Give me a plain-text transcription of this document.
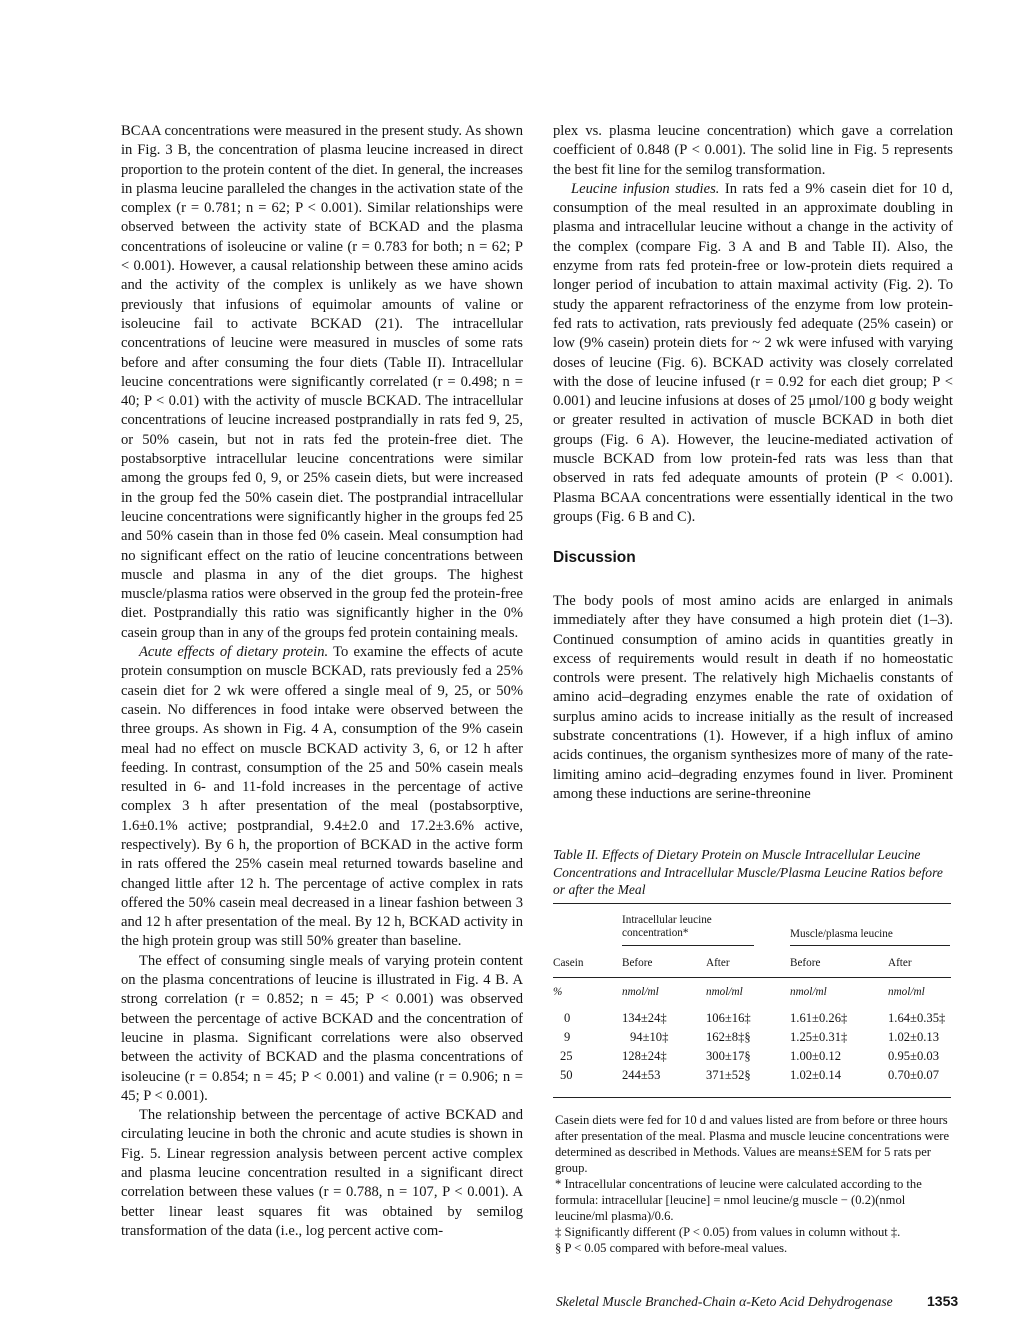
BCAA concentrations were measured in the present study. As shown in Fig. 3 B, the concentration of plasma leucine increased in direct proportion to the protein content of the diet. In general, the increases in plasma leucine paralleled the changes in the activation state of the complex (r = 0.781; n = 62; P < 0.001). Similar relationships were observed between the activity state of BCKAD and the plasma concentrations of isoleucine or valine (r = 0.783 for both; n = 62; P < 0.001). However, a causal relationship between these amino acids and the activity of the complex is unlikely as we have shown previously that infusions of equimolar amounts of valine or isoleucine fail to activate BCKAD (21). The intracellular concentrations of leucine were measured in muscles of some rats before and after consuming the four diets (Table II). Intracellular leucine concentrations were significantly correlated (r = 0.498; n = 40; P < 0.01) with the activity of muscle BCKAD. The intracellular concentrations of leucine increased postprandially in rats fed 9, 25, or 50% casein, but not in rats fed the protein-free diet. The postabsorptive intracellular leucine concentrations were similar among the groups fed 0, 9, or 25% casein diets, but were increased in the group fed the 50% casein diet. The postprandial intracellular leucine concentrations were significantly higher in the groups fed 25 and 50% casein than in those fed 0% casein. Meal consumption had no significant effect on the ratio of leucine concentrations between muscle and plasma in any of the diet groups. The highest muscle/plasma ratios were observed in the group fed the protein-free diet. Postprandially this ratio was significantly higher in the 0% casein group than in any of the groups fed protein containing meals.

Acute effects of dietary protein. To examine the effects of acute protein consumption on muscle BCKAD, rats previously fed a 25% casein diet for 2 wk were offered a single meal of 9, 25, or 50% casein. No differences in food intake were observed between the three groups. As shown in Fig. 4 A, consumption of the 9% casein meal had no effect on muscle BCKAD activity 3, 6, or 12 h after feeding. In contrast, consumption of the 25 and 50% casein meals resulted in 6- and 11-fold increases in the percentage of active complex 3 h after presentation of the meal (postabsorptive, 1.6±0.1% active; postprandial, 9.4±2.0 and 17.2±3.6% active, respectively). By 6 h, the proportion of BCKAD in the active form in rats offered the 25% casein meal returned towards baseline and changed little after 12 h. The percentage of active complex in rats offered the 50% casein meal decreased in a linear fashion between 3 and 12 h after presentation of the meal. By 12 h, BCKAD activity in the high protein group was still 50% greater than baseline.

The effect of consuming single meals of varying protein content on the plasma concentrations of leucine is illustrated in Fig. 4 B. A strong correlation (r = 0.852; n = 45; P < 0.001) was observed between the percentage of active BCKAD and the concentration of leucine in plasma. Significant correlations were also observed between the activity of BCKAD and the plasma concentrations of isoleucine (r = 0.854; n = 45; P < 0.001) and valine (r = 0.906; n = 45; P < 0.001).

The relationship between the percentage of active BCKAD and circulating leucine in both the chronic and acute studies is shown in Fig. 5. Linear regression analysis between percent active complex and plasma leucine concentration resulted in a significant direct correlation between these values (r = 0.788, n = 107, P < 0.001). A better linear least squares fit was obtained by semilog transformation of the data (i.e., log percent active com-

plex vs. plasma leucine concentration) which gave a correlation coefficient of 0.848 (P < 0.001). The solid line in Fig. 5 represents the best fit line for the semilog transformation.

Leucine infusion studies. In rats fed a 9% casein diet for 10 d, consumption of the meal resulted in an approximate doubling in plasma and intracellular leucine without a change in the activity of the complex (compare Fig. 3 A and B and Table II). Also, the enzyme from rats fed protein-free or low-protein diets required a longer period of incubation to attain maximal activity (Fig. 2). To study the apparent refractoriness of the enzyme from low protein-fed rats to activation, rats previously fed adequate (25% casein) or low (9% casein) protein diets for ~ 2 wk were infused with varying doses of leucine (Fig. 6). BCKAD activity was closely correlated with the dose of leucine infused (r = 0.92 for each diet group; P < 0.001) and leucine infusions at doses of 25 μmol/100 g body weight or greater resulted in activation of muscle BCKAD in both diet groups (Fig. 6 A). However, the leucine-mediated activation of muscle BCKAD from low protein-fed rats was less than that observed in rats fed adequate amounts of protein (P < 0.001). Plasma BCAA concentrations were essentially identical in the two groups (Fig. 6 B and C).

Discussion

The body pools of most amino acids are enlarged in animals immediately after they have consumed a high protein diet (1–3). Continued consumption of amino acids in quantities greatly in excess of requirements would result in death if no homeostatic controls were present. The relatively high Michaelis constants of amino acid–degrading enzymes enable the rate of oxidation of surplus amino acids to increase initially as the result of increased substrate concentrations (1). However, if a high influx of amino acids continues, the organism synthesizes more of many of the rate-limiting amino acid–degrading enzymes found in liver. Prominent among these inductions are serine-threonine

Table II. Effects of Dietary Protein on Muscle Intracellular Leucine Concentrations and Intracellular Muscle/Plasma Leucine Ratios before or after the Meal

Intracellular leucine concentration*	Muscle/plasma leucine
Casein	Before	After	Before	After
%	nmol/ml	nmol/ml	nmol/ml	nmol/ml
0	134±24‡	106±16‡	1.61±0.26‡	1.64±0.35‡
9	94±10‡	162±8‡§	1.25±0.31‡	1.02±0.13
25	128±24‡	300±17§	1.00±0.12	0.95±0.03
50	244±53	371±52§	1.02±0.14	0.70±0.07

Casein diets were fed for 10 d and values listed are from before or three hours after presentation of the meal. Plasma and muscle leucine concentrations were determined as described in Methods. Values are means±SEM for 5 rats per group.

* Intracellular concentrations of leucine were calculated according to the formula: intracellular [leucine] = nmol leucine/g muscle − (0.2)(nmol leucine/ml plasma)/0.6.

‡ Significantly different (P < 0.05) from values in column without ‡.

§ P < 0.05 compared with before-meal values.

Skeletal Muscle Branched-Chain α-Keto Acid Dehydrogenase 1353
